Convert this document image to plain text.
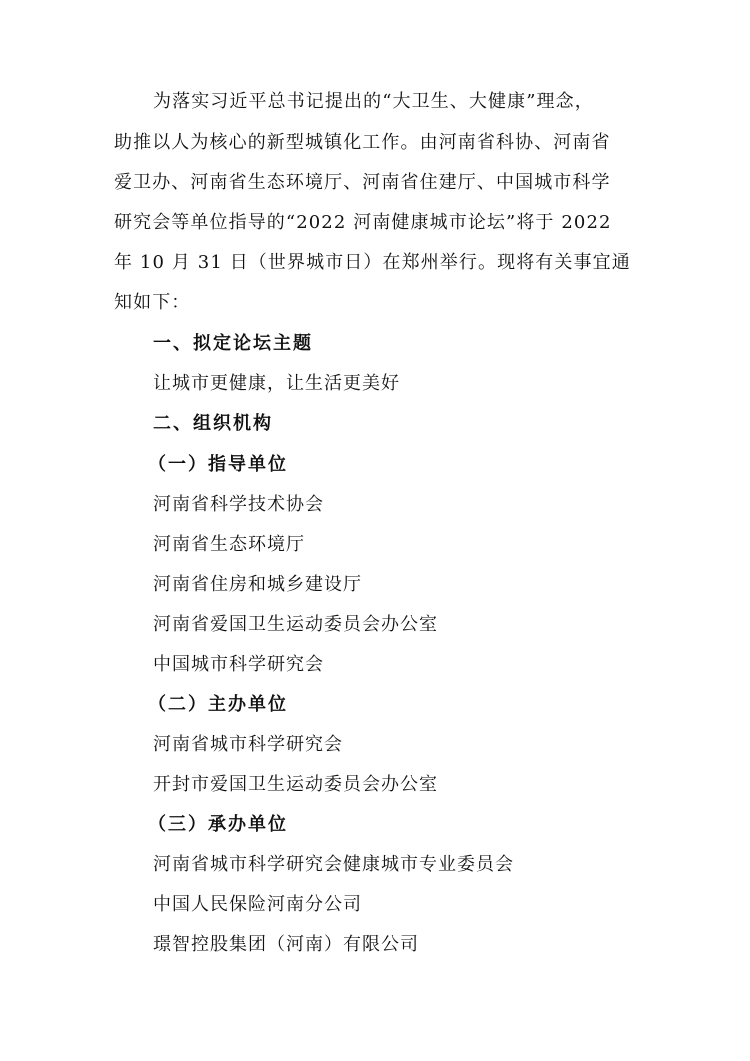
为落实习近平总书记提出的“大卫生、大健康”理念，
助推以人为核心的新型城镇化工作。由河南省科协、河南省
爱卫办、河南省生态环境厅、河南省住建厅、中国城市科学
研究会等单位指导的“2022 河南健康城市论坛”将于 2022
年 10 月 31 日（世界城市日）在郑州举行。现将有关事宜通
知如下：
一、拟定论坛主题
让城市更健康，让生活更美好
二、组织机构
（一）指导单位
河南省科学技术协会
河南省生态环境厅
河南省住房和城乡建设厅
河南省爱国卫生运动委员会办公室
中国城市科学研究会
（二）主办单位
河南省城市科学研究会
开封市爱国卫生运动委员会办公室
（三）承办单位
河南省城市科学研究会健康城市专业委员会
中国人民保险河南分公司
璟智控股集团（河南）有限公司
